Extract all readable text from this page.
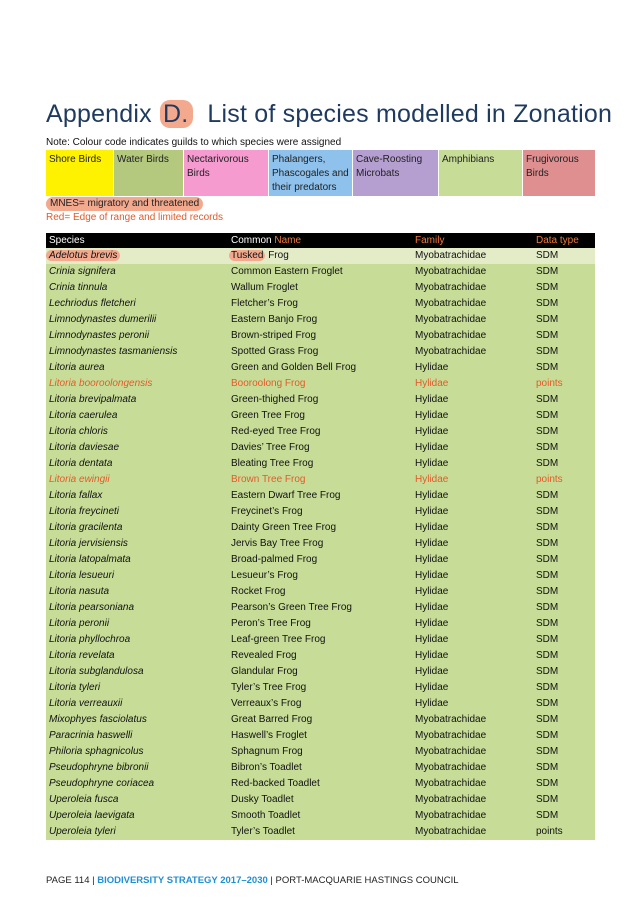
Appendix D. List of species modelled in Zonation
Note: Colour code indicates guilds to which species were assigned
Shore Birds	Water Birds	Nectarivorous Birds
Phalangers, Phascogales and their predators
Cave-Roosting Microbats
Amphibians	Frugivorous Birds
MNES= migratory and threatened
Red= Edge of range and limited records
Species	Common Name	Family	Data type
Adelotus brevis	Tusked Frog	Myobatrachidae	SDM
Crinia signifera	Common Eastern Froglet	Myobatrachidae	SDM
Crinia tinnula	Wallum Froglet	Myobatrachidae	SDM
Lechriodus fletcheri	Fletcher’s Frog	Myobatrachidae	SDM
Limnodynastes dumerilii	Eastern Banjo Frog	Myobatrachidae	SDM
Limnodynastes peronii	Brown-striped Frog	Myobatrachidae	SDM
Limnodynastes tasmaniensis	Spotted Grass Frog	Myobatrachidae	SDM
Litoria aurea	Green and Golden Bell Frog	Hylidae	SDM
Litoria booroolongensis	Booroolong Frog	Hylidae	points
Litoria brevipalmata	Green-thighed Frog	Hylidae	SDM
Litoria caerulea	Green Tree Frog	Hylidae	SDM
Litoria chloris	Red-eyed Tree Frog	Hylidae	SDM
Litoria daviesae	Davies’ Tree Frog	Hylidae	SDM
Litoria dentata	Bleating Tree Frog	Hylidae	SDM
Litoria ewingii	Brown Tree Frog	Hylidae	points
Litoria fallax	Eastern Dwarf Tree Frog	Hylidae	SDM
Litoria freycineti	Freycinet’s Frog	Hylidae	SDM
Litoria gracilenta	Dainty Green Tree Frog	Hylidae	SDM
Litoria jervisiensis	Jervis Bay Tree Frog	Hylidae	SDM
Litoria latopalmata	Broad-palmed Frog	Hylidae	SDM
Litoria lesueuri	Lesueur’s Frog	Hylidae	SDM
Litoria nasuta	Rocket Frog	Hylidae	SDM
Litoria pearsoniana	Pearson’s Green Tree Frog	Hylidae	SDM
Litoria peronii	Peron’s Tree Frog	Hylidae	SDM
Litoria phyllochroa	Leaf-green Tree Frog	Hylidae	SDM
Litoria revelata	Revealed Frog	Hylidae	SDM
Litoria subglandulosa	Glandular Frog	Hylidae	SDM
Litoria tyleri	Tyler’s Tree Frog	Hylidae	SDM
Litoria verreauxii	Verreaux’s Frog	Hylidae	SDM
Mixophyes fasciolatus	Great Barred Frog	Myobatrachidae	SDM
Paracrinia haswelli	Haswell’s Froglet	Myobatrachidae	SDM
Philoria sphagnicolus	Sphagnum Frog	Myobatrachidae	SDM
Pseudophryne bibronii	Bibron’s Toadlet	Myobatrachidae	SDM
Pseudophryne coriacea	Red-backed Toadlet	Myobatrachidae	SDM
Uperoleia fusca	Dusky Toadlet	Myobatrachidae	SDM
Uperoleia laevigata	Smooth Toadlet	Myobatrachidae	SDM
Uperoleia tyleri	Tyler’s Toadlet	Myobatrachidae	points
PAGE 114 | BIODIVERSITY STRATEGY 2017–2030 | PORT-MACQUARIE HASTINGS COUNCIL
